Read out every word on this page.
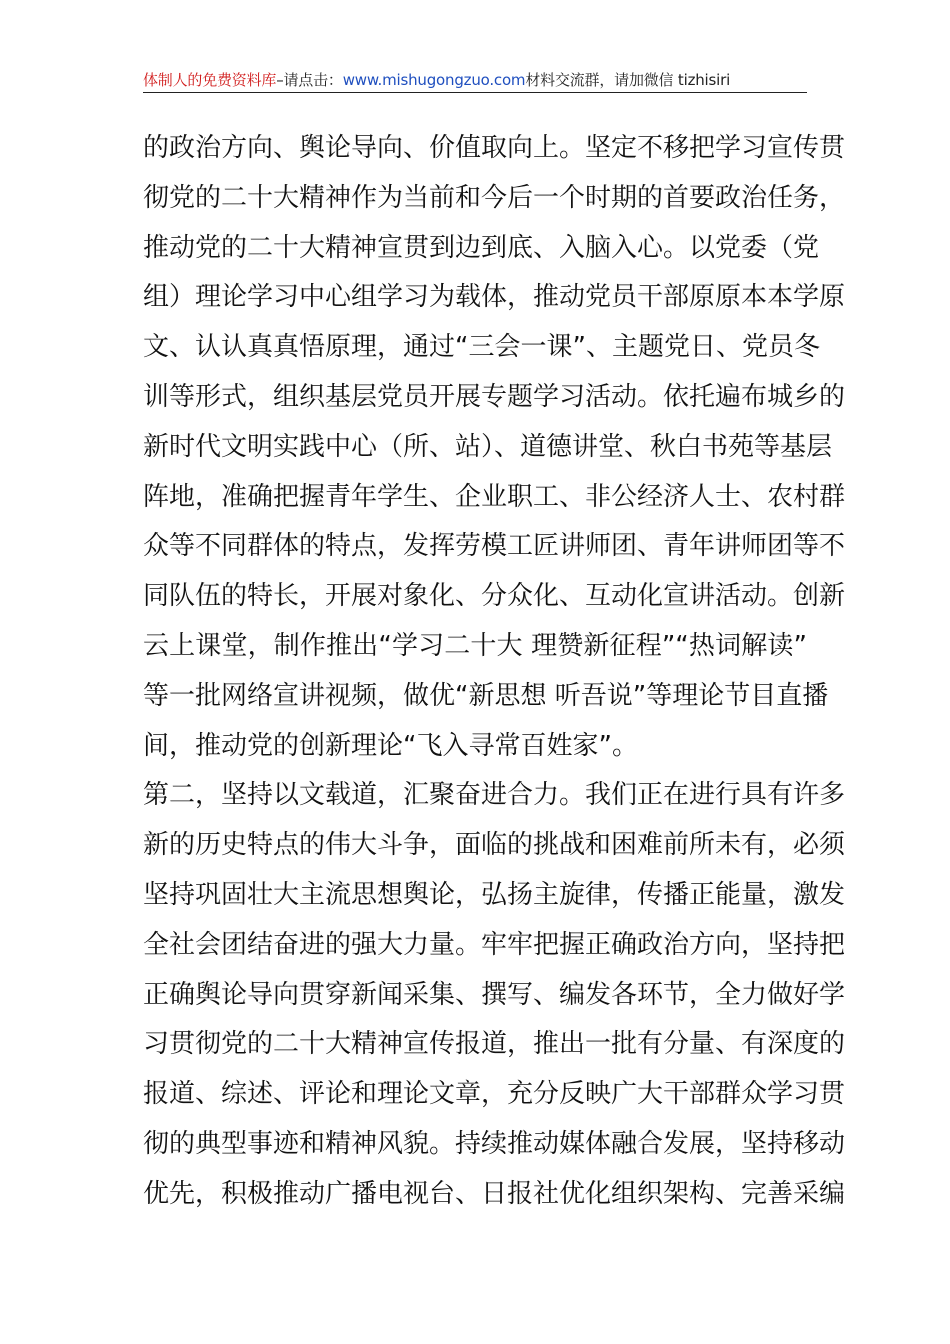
体制人的免费资料库–请点击：www.mishugongzuo.com材料交流群，请加微信 tizhisiri
的政治方向、舆论导向、价值取向上。坚定不移把学习宣传贯
彻党的二十大精神作为当前和今后一个时期的首要政治任务，
推动党的二十大精神宣贯到边到底、入脑入心。以党委（党
组）理论学习中心组学习为载体，推动党员干部原原本本学原
文、认认真真悟原理，通过“三会一课”、主题党日、党员冬
训等形式，组织基层党员开展专题学习活动。依托遍布城乡的
新时代文明实践中心（所、站）、道德讲堂、秋白书苑等基层
阵地，准确把握青年学生、企业职工、非公经济人士、农村群
众等不同群体的特点，发挥劳模工匠讲师团、青年讲师团等不
同队伍的特长，开展对象化、分众化、互动化宣讲活动。创新
云上课堂，制作推出“学习二十大 理赞新征程”“热词解读”
等一批网络宣讲视频，做优“新思想 听吾说”等理论节目直播
间，推动党的创新理论“飞入寻常百姓家”。
第二，坚持以文载道，汇聚奋进合力。我们正在进行具有许多
新的历史特点的伟大斗争，面临的挑战和困难前所未有，必须
坚持巩固壮大主流思想舆论，弘扬主旋律，传播正能量，激发
全社会团结奋进的强大力量。牢牢把握正确政治方向，坚持把
正确舆论导向贯穿新闻采集、撰写、编发各环节，全力做好学
习贯彻党的二十大精神宣传报道，推出一批有分量、有深度的
报道、综述、评论和理论文章，充分反映广大干部群众学习贯
彻的典型事迹和精神风貌。持续推动媒体融合发展，坚持移动
优先，积极推动广播电视台、日报社优化组织架构、完善采编
